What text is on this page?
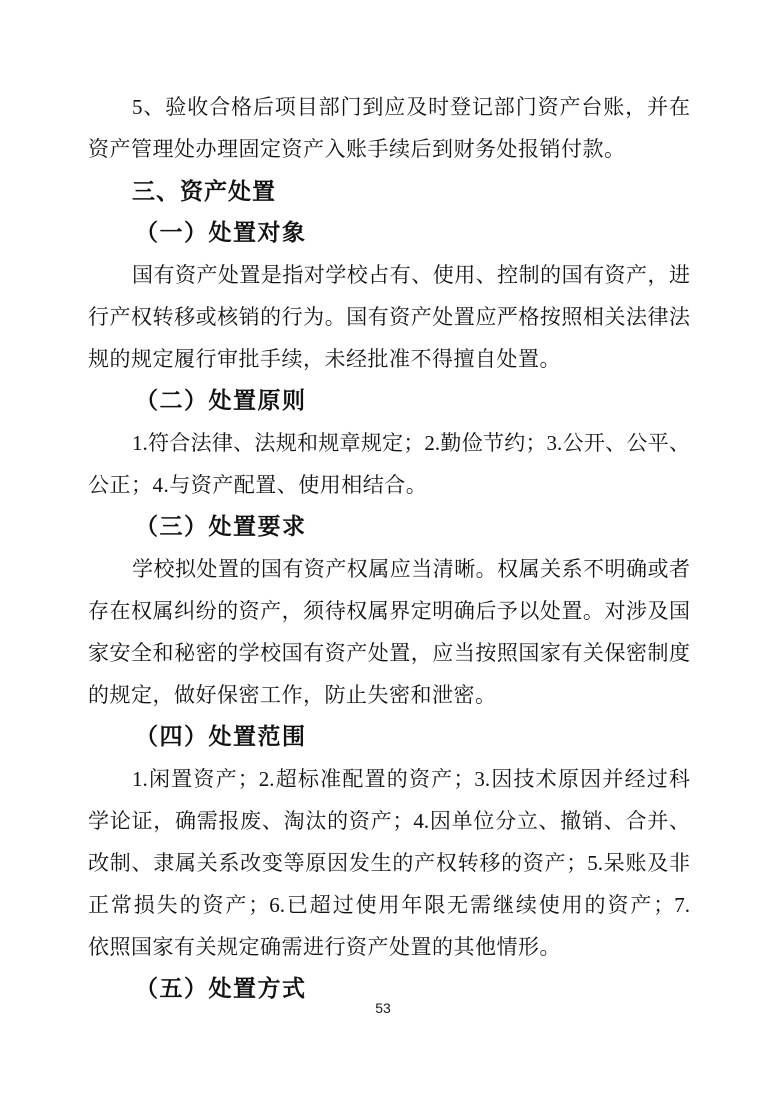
5、验收合格后项目部门到应及时登记部门资产台账，并在
资产管理处办理固定资产入账手续后到财务处报销付款。
三、资产处置
（一）处置对象
国有资产处置是指对学校占有、使用、控制的国有资产，进
行产权转移或核销的行为。国有资产处置应严格按照相关法律法
规的规定履行审批手续，未经批准不得擅自处置。
（二）处置原则
1.符合法律、法规和规章规定；2.勤俭节约；3.公开、公平、
公正；4.与资产配置、使用相结合。
（三）处置要求
学校拟处置的国有资产权属应当清晰。权属关系不明确或者
存在权属纠纷的资产，须待权属界定明确后予以处置。对涉及国
家安全和秘密的学校国有资产处置，应当按照国家有关保密制度
的规定，做好保密工作，防止失密和泄密。
（四）处置范围
1.闲置资产；2.超标准配置的资产；3.因技术原因并经过科
学论证，确需报废、淘汰的资产；4.因单位分立、撤销、合并、
改制、隶属关系改变等原因发生的产权转移的资产；5.呆账及非
正常损失的资产；6.已超过使用年限无需继续使用的资产；7.
依照国家有关规定确需进行资产处置的其他情形。
（五）处置方式
53
